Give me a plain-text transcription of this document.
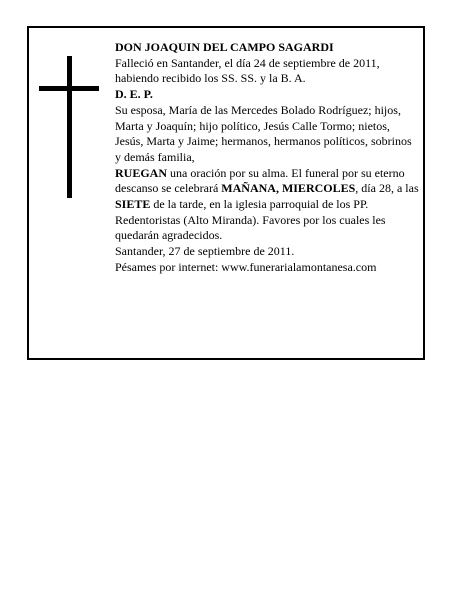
DON JOAQUIN DEL CAMPO SAGARDI

Falleció en Santander, el día 24 de septiembre de 2011, habiendo recibido los SS. SS. y la B. A.

D. E. P.

Su esposa, María de las Mercedes Bolado Rodríguez; hijos, Marta y Joaquín; hijo político, Jesús Calle Tormo; nietos, Jesús, Marta y Jaime; hermanos, hermanos políticos, sobrinos y demás familia,

RUEGAN una oración por su alma. El funeral por su eterno descanso se celebrará MAÑANA, MIERCOLES, día 28, a las SIETE de la tarde, en la iglesia parroquial de los PP. Redentoristas (Alto Miranda). Favores por los cuales les quedarán agradecidos.

Santander, 27 de septiembre de 2011.

Pésames por internet: www.funerarialamontanesa.com
